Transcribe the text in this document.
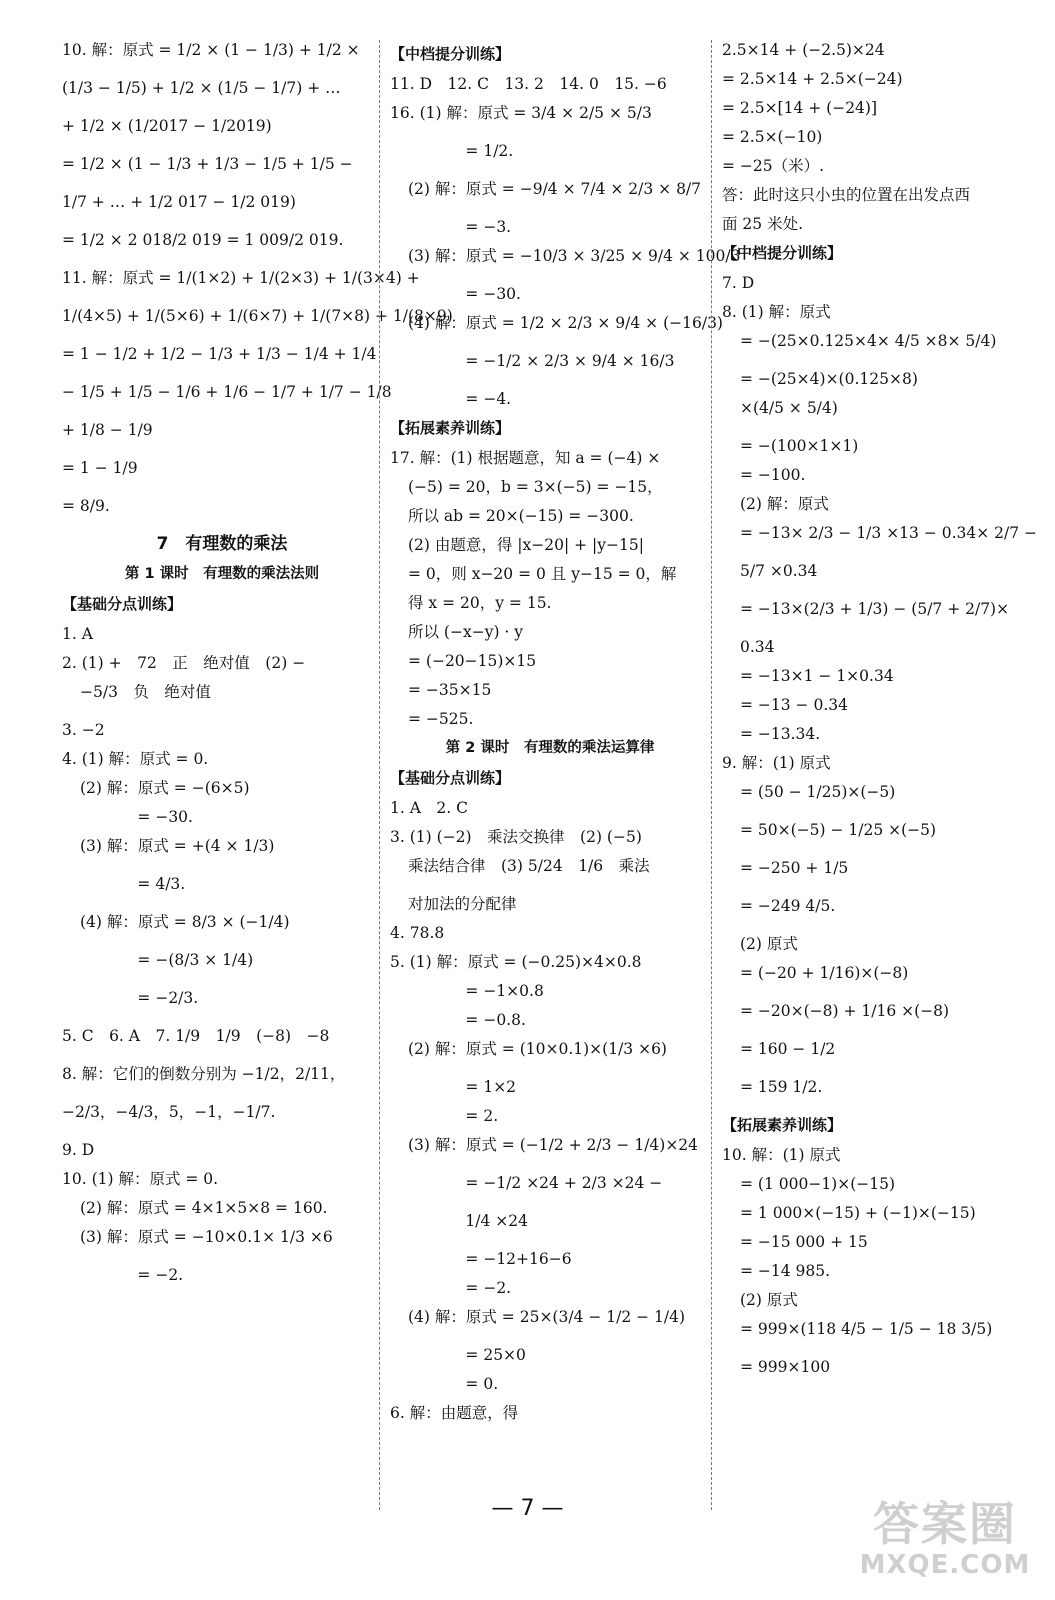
10. 解：原式 = 1/2 × (1 − 1/3) + 1/2 ×
(1/3 − 1/5) + 1/2 × (1/5 − 1/7) + …
+ 1/2 × (1/2017 − 1/2019)
= 1/2 × (1 − 1/3 + 1/3 − 1/5 + 1/5 −
1/7 + … + 1/2 017 − 1/2 019)
= 1/2 × 2 018/2 019 = 1 009/2 019.
11. 解：原式 = 1/(1×2) + 1/(2×3) + 1/(3×4) +
1/(4×5) + 1/(5×6) + 1/(6×7) + 1/(7×8) + 1/(8×9)
= 1 − 1/2 + 1/2 − 1/3 + 1/3 − 1/4 + 1/4
− 1/5 + 1/5 − 1/6 + 1/6 − 1/7 + 1/7 − 1/8
+ 1/8 − 1/9
= 1 − 1/9
= 8/9.
7　有理数的乘法
第 1 课时　有理数的乘法法则
【基础分点训练】
1. A
2. (1) +　72　正　绝对值　(2) −
−5/3　负　绝对值
3. −2
4. (1) 解：原式 = 0.
(2) 解：原式 = −(6×5)
= −30.
(3) 解：原式 = +(4 × 1/3)
= 4/3.
(4) 解：原式 = 8/3 × (−1/4)
= −(8/3 × 1/4)
= −2/3.
5. C　6. A　7. 1/9　1/9　(−8)　−8
8. 解：它们的倒数分别为 −1/2，2/11，
−2/3，−4/3，5，−1，−1/7.
9. D
10. (1) 解：原式 = 0.
(2) 解：原式 = 4×1×5×8 = 160.
(3) 解：原式 = −10×0.1× 1/3 ×6
= −2.
【中档提分训练】
11. D　12. C　13. 2　14. 0　15. −6
16. (1) 解：原式 = 3/4 × 2/5 × 5/3
= 1/2.
(2) 解：原式 = −9/4 × 7/4 × 2/3 × 8/7
= −3.
(3) 解：原式 = −10/3 × 3/25 × 9/4 × 100/3
= −30.
(4) 解：原式 = 1/2 × 2/3 × 9/4 × (−16/3)
= −1/2 × 2/3 × 9/4 × 16/3
= −4.
【拓展素养训练】
17. 解：(1) 根据题意，知 a = (−4) ×
(−5) = 20，b = 3×(−5) = −15，
所以 ab = 20×(−15) = −300.
(2) 由题意，得 |x−20| + |y−15|
= 0，则 x−20 = 0 且 y−15 = 0，解
得 x = 20，y = 15.
所以 (−x−y) · y
= (−20−15)×15
= −35×15
= −525.
第 2 课时　有理数的乘法运算律
【基础分点训练】
1. A　2. C
3. (1) (−2)　乘法交换律　(2) (−5)
乘法结合律　(3) 5/24　1/6　乘法
对加法的分配律
4. 78.8
5. (1) 解：原式 = (−0.25)×4×0.8
= −1×0.8
= −0.8.
(2) 解：原式 = (10×0.1)×(1/3 ×6)
= 1×2
= 2.
(3) 解：原式 = (−1/2 + 2/3 − 1/4)×24
= −1/2 ×24 + 2/3 ×24 −
1/4 ×24
= −12+16−6
= −2.
(4) 解：原式 = 25×(3/4 − 1/2 − 1/4)
= 25×0
= 0.
6. 解：由题意，得
2.5×14 + (−2.5)×24
= 2.5×14 + 2.5×(−24)
= 2.5×[14 + (−24)]
= 2.5×(−10)
= −25（米）.
答：此时这只小虫的位置在出发点西
面 25 米处.
【中档提分训练】
7. D
8. (1) 解：原式
= −(25×0.125×4× 4/5 ×8× 5/4)
= −(25×4)×(0.125×8)
×(4/5 × 5/4)
= −(100×1×1)
= −100.
(2) 解：原式
= −13× 2/3 − 1/3 ×13 − 0.34× 2/7 −
5/7 ×0.34
= −13×(2/3 + 1/3) − (5/7 + 2/7)×
0.34
= −13×1 − 1×0.34
= −13 − 0.34
= −13.34.
9. 解：(1) 原式
= (50 − 1/25)×(−5)
= 50×(−5) − 1/25 ×(−5)
= −250 + 1/5
= −249 4/5.
(2) 原式
= (−20 + 1/16)×(−8)
= −20×(−8) + 1/16 ×(−8)
= 160 − 1/2
= 159 1/2.
【拓展素养训练】
10. 解：(1) 原式
= (1 000−1)×(−15)
= 1 000×(−15) + (−1)×(−15)
= −15 000 + 15
= −14 985.
(2) 原式
= 999×(118 4/5 − 1/5 − 18 3/5)
= 999×100
— 7 —	答案圈
MXQE.COM
